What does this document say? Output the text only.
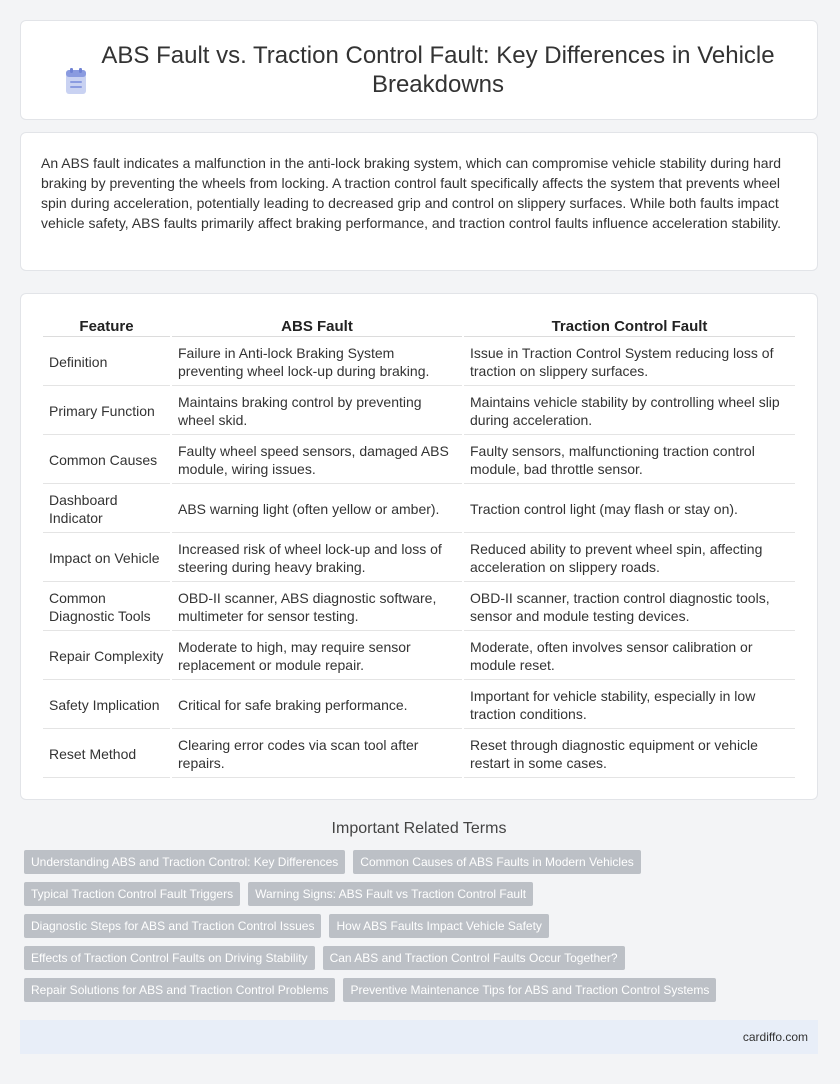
ABS Fault vs. Traction Control Fault: Key Differences in Vehicle Breakdowns

An ABS fault indicates a malfunction in the anti-lock braking system, which can compromise vehicle stability during hard braking by preventing the wheels from locking. A traction control fault specifically affects the system that prevents wheel spin during acceleration, potentially leading to decreased grip and control on slippery surfaces. While both faults impact vehicle safety, ABS faults primarily affect braking performance, and traction control faults influence acceleration stability.

Feature	ABS Fault	Traction Control Fault
Definition	Failure in Anti-lock Braking System preventing wheel lock-up during braking.	Issue in Traction Control System reducing loss of traction on slippery surfaces.
Primary Function	Maintains braking control by preventing wheel skid.	Maintains vehicle stability by controlling wheel slip during acceleration.
Common Causes	Faulty wheel speed sensors, damaged ABS module, wiring issues.	Faulty sensors, malfunctioning traction control module, bad throttle sensor.
Dashboard Indicator	ABS warning light (often yellow or amber).	Traction control light (may flash or stay on).
Impact on Vehicle	Increased risk of wheel lock-up and loss of steering during heavy braking.	Reduced ability to prevent wheel spin, affecting acceleration on slippery roads.
Common Diagnostic Tools	OBD-II scanner, ABS diagnostic software, multimeter for sensor testing.	OBD-II scanner, traction control diagnostic tools, sensor and module testing devices.
Repair Complexity	Moderate to high, may require sensor replacement or module repair.	Moderate, often involves sensor calibration or module reset.
Safety Implication	Critical for safe braking performance.	Important for vehicle stability, especially in low traction conditions.
Reset Method	Clearing error codes via scan tool after repairs.	Reset through diagnostic equipment or vehicle restart in some cases.
Important Related Terms
Understanding ABS and Traction Control: Key Differences	Common Causes of ABS Faults in Modern Vehicles
Typical Traction Control Fault Triggers	Warning Signs: ABS Fault vs Traction Control Fault
Diagnostic Steps for ABS and Traction Control Issues	How ABS Faults Impact Vehicle Safety
Effects of Traction Control Faults on Driving Stability	Can ABS and Traction Control Faults Occur Together?
Repair Solutions for ABS and Traction Control Problems	Preventive Maintenance Tips for ABS and Traction Control Systems
cardiffo.com
